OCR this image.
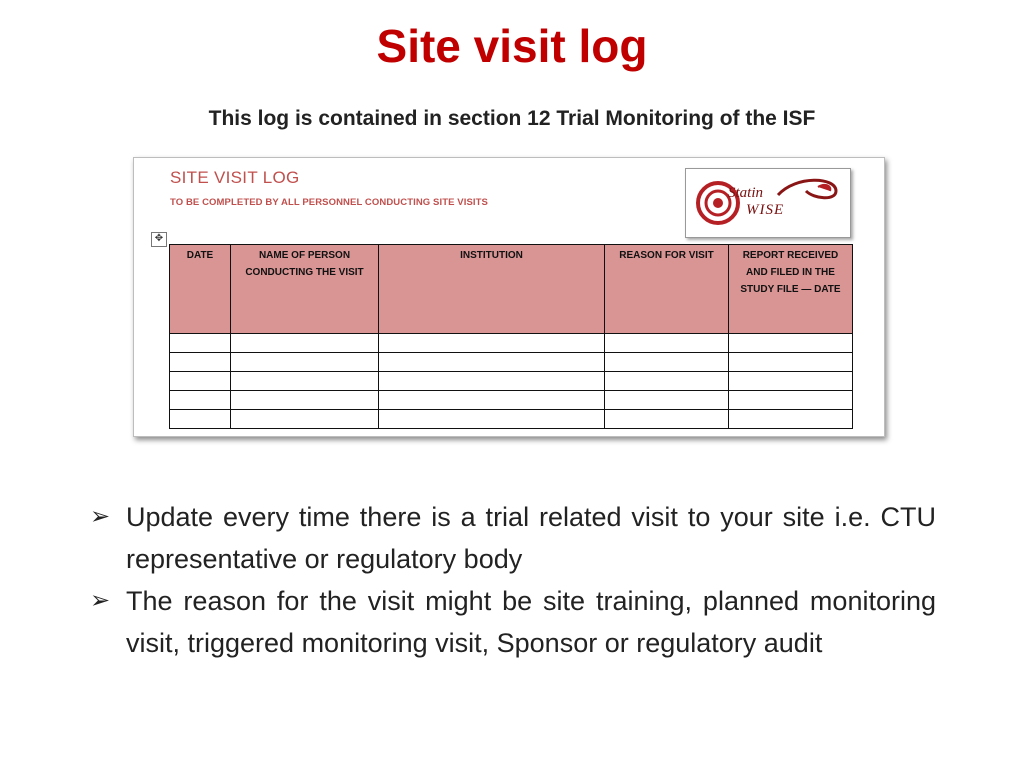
Site visit log
This log is contained in section 12 Trial Monitoring of the ISF
SITE VISIT LOG
TO BE COMPLETED BY ALL PERSONNEL CONDUCTING SITE VISITS
Statin
WISE
✥
DATE	NAME OF PERSON CONDUCTING THE VISIT	INSTITUTION	REASON FOR VISIT	REPORT RECEIVED AND FILED IN THE STUDY FILE — DATE

➢ Update every time there is a trial related visit to your site i.e. CTU representative or regulatory body
➢ The reason for the visit might be site training, planned monitoring visit, triggered monitoring visit, Sponsor or regulatory audit
